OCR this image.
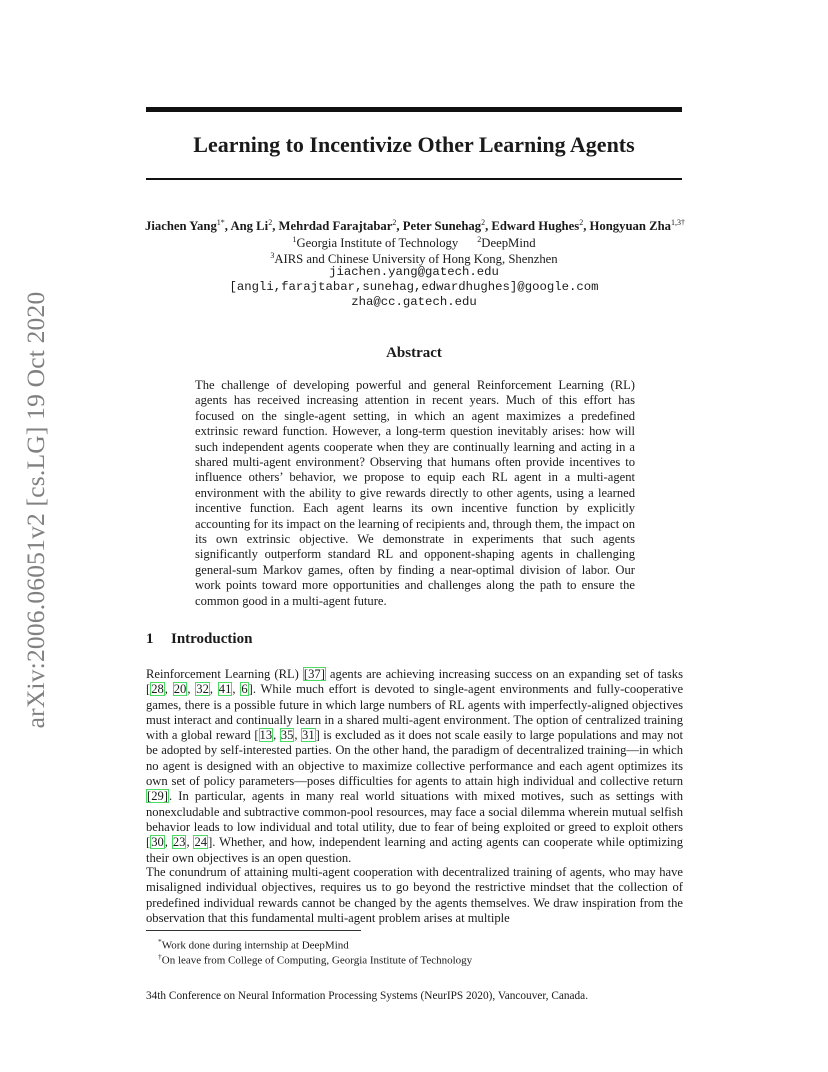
arXiv:2006.06051v2 [cs.LG] 19 Oct 2020
Learning to Incentivize Other Learning Agents
Jiachen Yang$^{1*}$, Ang Li$^2$, Mehrdad Farajtabar$^2$, Peter Sunehag$^2$, Edward Hughes$^2$, Hongyuan Zha$^{1,3\dagger}$
$^1$Georgia Institute of Technology $^2$DeepMind
$^3$AIRS and Chinese University of Hong Kong, Shenzhen
jiachen.yang@gatech.edu
[angli,farajtabar,sunehag,edwardhughes]@google.com
zha@cc.gatech.edu
Abstract
The challenge of developing powerful and general Reinforcement Learning (RL) agents has received increasing attention in recent years. Much of this effort has focused on the single-agent setting, in which an agent maximizes a predefined extrinsic reward function. However, a long-term question inevitably arises: how will such independent agents cooperate when they are continually learning and acting in a shared multi-agent environment? Observing that humans often provide incentives to influence others’ behavior, we propose to equip each RL agent in a multi-agent environment with the ability to give rewards directly to other agents, using a learned incentive function. Each agent learns its own incentive function by explicitly accounting for its impact on the learning of recipients and, through them, the impact on its own extrinsic objective. We demonstrate in experiments that such agents significantly outperform standard RL and opponent-shaping agents in challenging general-sum Markov games, often by finding a near-optimal division of labor. Our work points toward more opportunities and challenges along the path to ensure the common good in a multi-agent future.
1 Introduction
Reinforcement Learning (RL) [37] agents are achieving increasing success on an expanding set of tasks [28, 20, 32, 41, 6]. While much effort is devoted to single-agent environments and fully-cooperative games, there is a possible future in which large numbers of RL agents with imperfectly-aligned objectives must interact and continually learn in a shared multi-agent environment. The option of centralized training with a global reward [13, 35, 31] is excluded as it does not scale easily to large populations and may not be adopted by self-interested parties. On the other hand, the paradigm of decentralized training—in which no agent is designed with an objective to maximize collective performance and each agent optimizes its own set of policy parameters—poses difficulties for agents to attain high individual and collective return [29]. In particular, agents in many real world situations with mixed motives, such as settings with nonexcludable and subtractive common-pool resources, may face a social dilemma wherein mutual selfish behavior leads to low individual and total utility, due to fear of being exploited or greed to exploit others [30, 23, 24]. Whether, and how, independent learning and acting agents can cooperate while optimizing their own objectives is an open question.
The conundrum of attaining multi-agent cooperation with decentralized training of agents, who may have misaligned individual objectives, requires us to go beyond the restrictive mindset that the collection of predefined individual rewards cannot be changed by the agents themselves. We draw inspiration from the observation that this fundamental multi-agent problem arises at multiple
*Work done during internship at DeepMind
†On leave from College of Computing, Georgia Institute of Technology
34th Conference on Neural Information Processing Systems (NeurIPS 2020), Vancouver, Canada.
